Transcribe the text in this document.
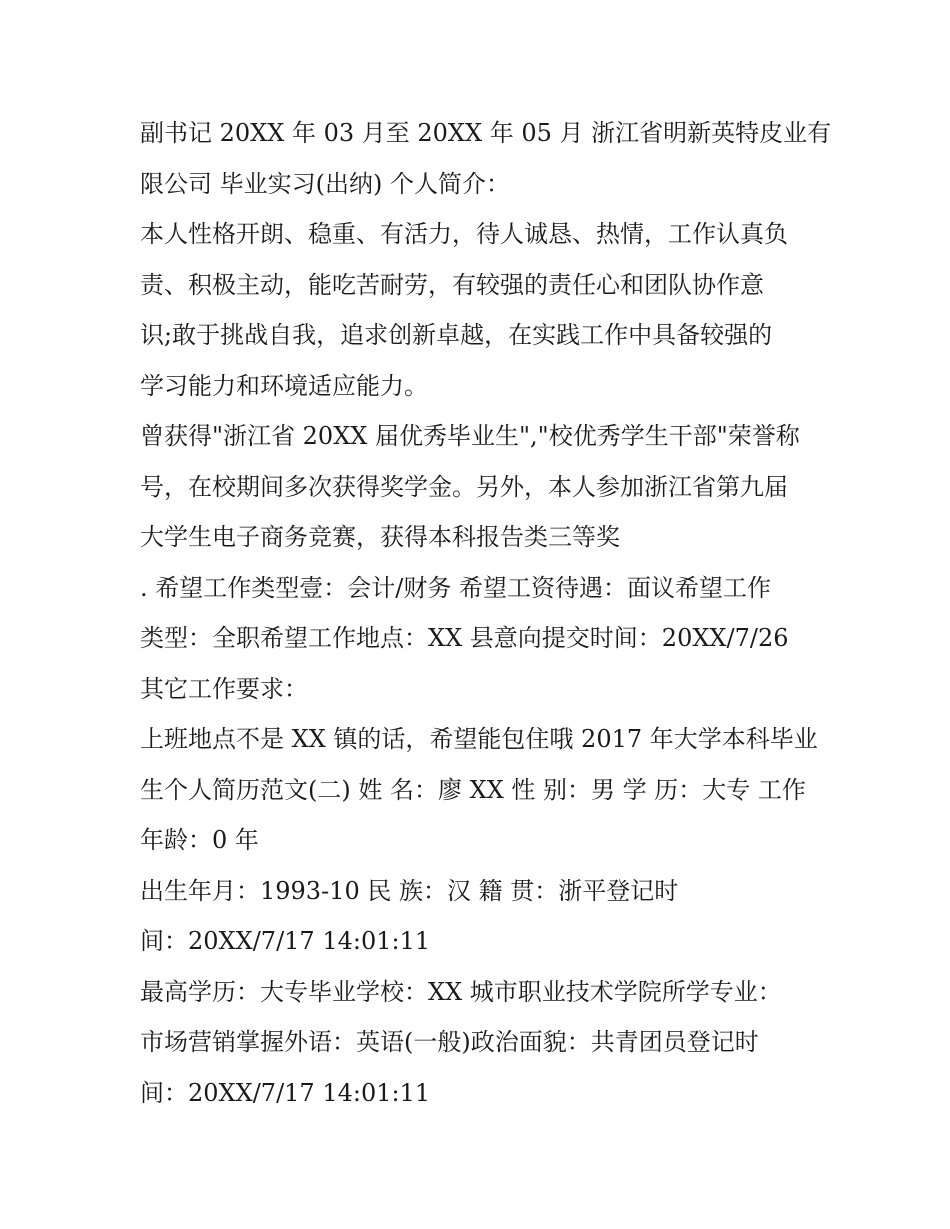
副书记 20XX 年 03 月至 20XX 年 05 月 浙江省明新英特皮业有
限公司 毕业实习(出纳) 个人简介：
本人性格开朗、稳重、有活力，待人诚恳、热情，工作认真负
责、积极主动，能吃苦耐劳，有较强的责任心和团队协作意
识;敢于挑战自我，追求创新卓越，在实践工作中具备较强的
学习能力和环境适应能力。
曾获得"浙江省 20XX 届优秀毕业生","校优秀学生干部"荣誉称
号，在校期间多次获得奖学金。另外，本人参加浙江省第九届
大学生电子商务竞赛，获得本科报告类三等奖
. 希望工作类型壹：会计/财务 希望工资待遇：面议希望工作
类型：全职希望工作地点：XX 县意向提交时间：20XX/7/26
其它工作要求：
上班地点不是 XX 镇的话，希望能包住哦 2017 年大学本科毕业
生个人简历范文(二) 姓 名：廖 XX 性 别：男 学 历：大专 工作
年龄：0 年
出生年月：1993-10 民 族：汉 籍 贯：浙平登记时
间：20XX/7/17 14:01:11
最高学历：大专毕业学校：XX 城市职业技术学院所学专业：
市场营销掌握外语：英语(一般)政治面貌：共青团员登记时
间：20XX/7/17 14:01:11
